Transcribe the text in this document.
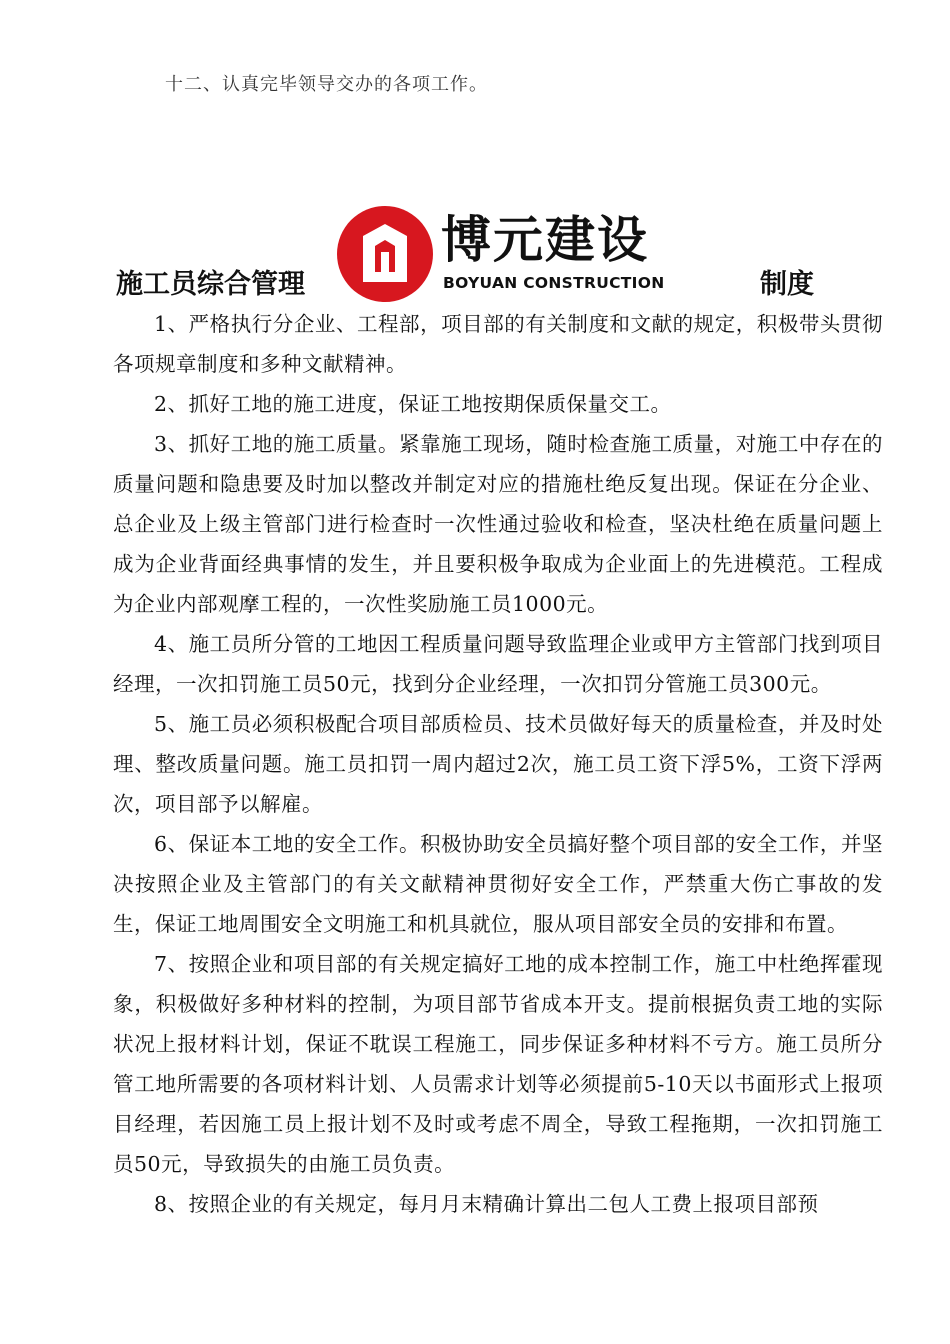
十二、认真完毕领导交办的各项工作。
施工员综合管理
博元建设
BOYUAN CONSTRUCTION	制度

1、严格执行分企业、工程部，项目部的有关制度和文献的规定，积极带头贯彻各项规章制度和多种文献精神。

2、抓好工地的施工进度，保证工地按期保质保量交工。

3、抓好工地的施工质量。紧靠施工现场，随时检查施工质量，对施工中存在的质量问题和隐患要及时加以整改并制定对应的措施杜绝反复出现。保证在分企业、总企业及上级主管部门进行检查时一次性通过验收和检查，坚决杜绝在质量问题上成为企业背面经典事情的发生，并且要积极争取成为企业面上的先进模范。工程成为企业内部观摩工程的，一次性奖励施工员1000元。

4、施工员所分管的工地因工程质量问题导致监理企业或甲方主管部门找到项目经理，一次扣罚施工员50元，找到分企业经理，一次扣罚分管施工员300元。

5、施工员必须积极配合项目部质检员、技术员做好每天的质量检查，并及时处理、整改质量问题。施工员扣罚一周内超过2次，施工员工资下浮5%，工资下浮两次，项目部予以解雇。

6、保证本工地的安全工作。积极协助安全员搞好整个项目部的安全工作，并坚决按照企业及主管部门的有关文献精神贯彻好安全工作，严禁重大伤亡事故的发生，保证工地周围安全文明施工和机具就位，服从项目部安全员的安排和布置。

7、按照企业和项目部的有关规定搞好工地的成本控制工作，施工中杜绝挥霍现象，积极做好多种材料的控制，为项目部节省成本开支。提前根据负责工地的实际状况上报材料计划，保证不耽误工程施工，同步保证多种材料不亏方。施工员所分管工地所需要的各项材料计划、人员需求计划等必须提前5-10天以书面形式上报项目经理，若因施工员上报计划不及时或考虑不周全，导致工程拖期，一次扣罚施工员50元，导致损失的由施工员负责。

8、按照企业的有关规定，每月月末精确计算出二包人工费上报项目部预
